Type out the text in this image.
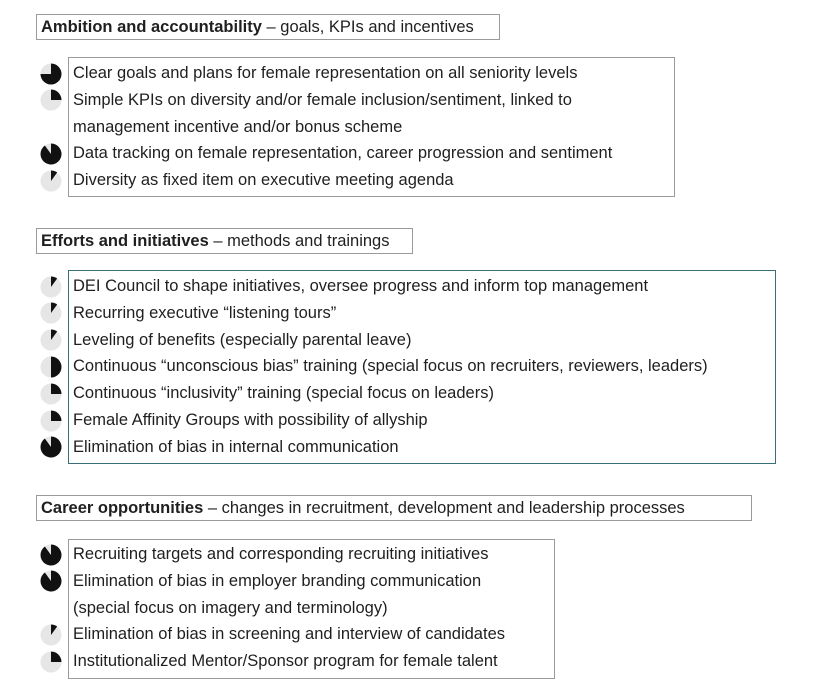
Ambition and accountability – goals, KPIs and incentives
Clear goals and plans for female representation on all seniority levels
Simple KPIs on diversity and/or female inclusion/sentiment, linked to
management incentive and/or bonus scheme
Data tracking on female representation, career progression and sentiment
Diversity as fixed item on executive meeting agenda
Efforts and initiatives – methods and trainings
DEI Council to shape initiatives, oversee progress and inform top management
Recurring executive “listening tours”
Leveling of benefits (especially parental leave)
Continuous “unconscious bias” training (special focus on recruiters, reviewers, leaders)
Continuous “inclusivity” training (special focus on leaders)
Female Affinity Groups with possibility of allyship
Elimination of bias in internal communication
Career opportunities – changes in recruitment, development and leadership processes
Recruiting targets and corresponding recruiting initiatives
Elimination of bias in employer branding communication
(special focus on imagery and terminology)
Elimination of bias in screening and interview of candidates
Institutionalized Mentor/Sponsor program for female talent
